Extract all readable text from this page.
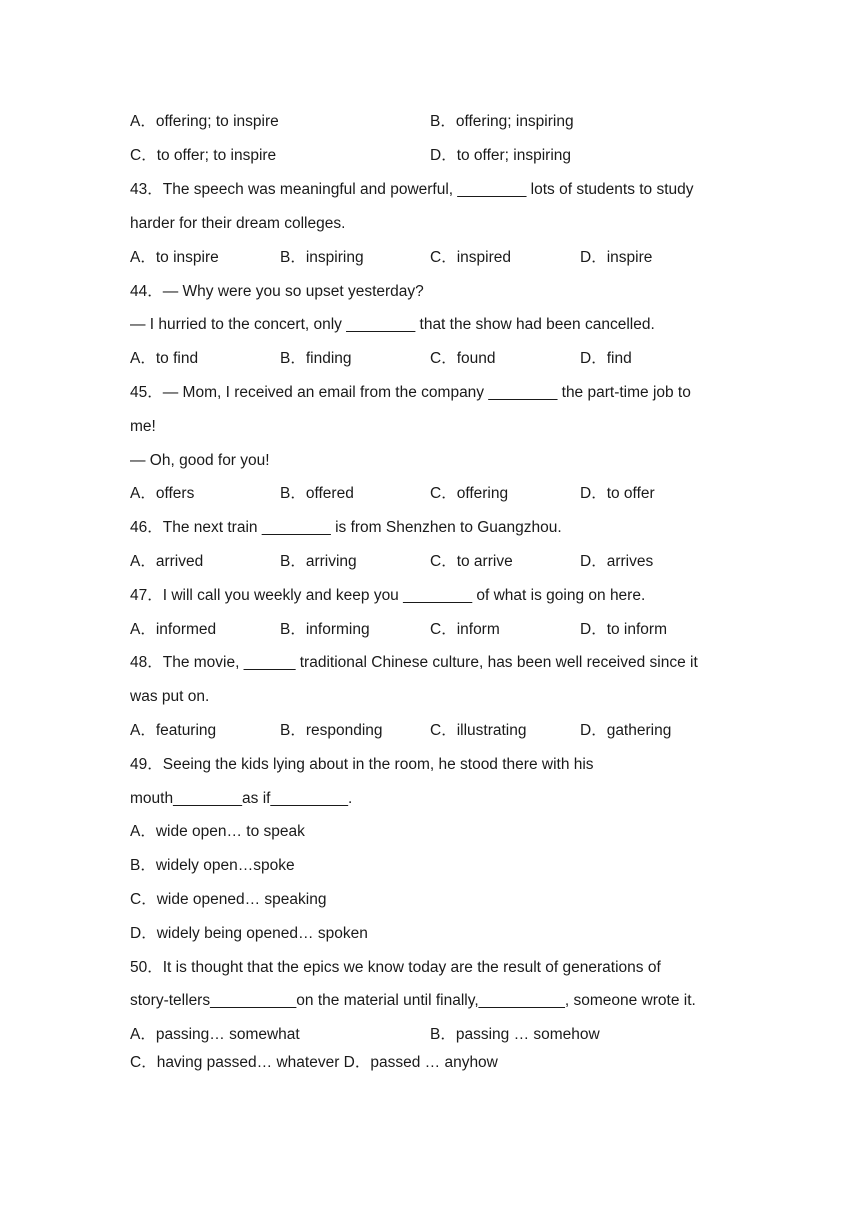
A．offering; to inspire	B．offering; inspiring
C．to offer; to inspire	D．to offer; inspiring
43．The speech was meaningful and powerful, ________ lots of students to study
harder for their dream colleges.
A．to inspire	B．inspiring	C．inspired	D．inspire
44．— Why were you so upset yesterday?
— I hurried to the concert, only ________ that the show had been cancelled.
A．to find	B．finding	C．found	D．find
45．— Mom, I received an email from the company ________ the part-time job to
me!
— Oh, good for you!
A．offers	B．offered	C．offering	D．to offer
46．The next train ________ is from Shenzhen to Guangzhou.
A．arrived	B．arriving	C．to arrive	D．arrives
47．I will call you weekly and keep you ________ of what is going on here.
A．informed	B．informing	C．inform	D．to inform
48．The movie, ______ traditional Chinese culture, has been well received since it
was put on.
A．featuring	B．responding	C．illustrating	D．gathering
49．Seeing the kids lying about in the room, he stood there with his
mouth________as if_________.
A．wide open… to speak
B．widely open…spoke
C．wide opened… speaking
D．widely being opened… spoken
50．It is thought that the epics we know today are the result of generations of
story-tellers__________on the material until finally,__________, someone wrote it.
A．passing… somewhat	B．passing … somehow
C．having passed… whatever D．passed … anyhow
